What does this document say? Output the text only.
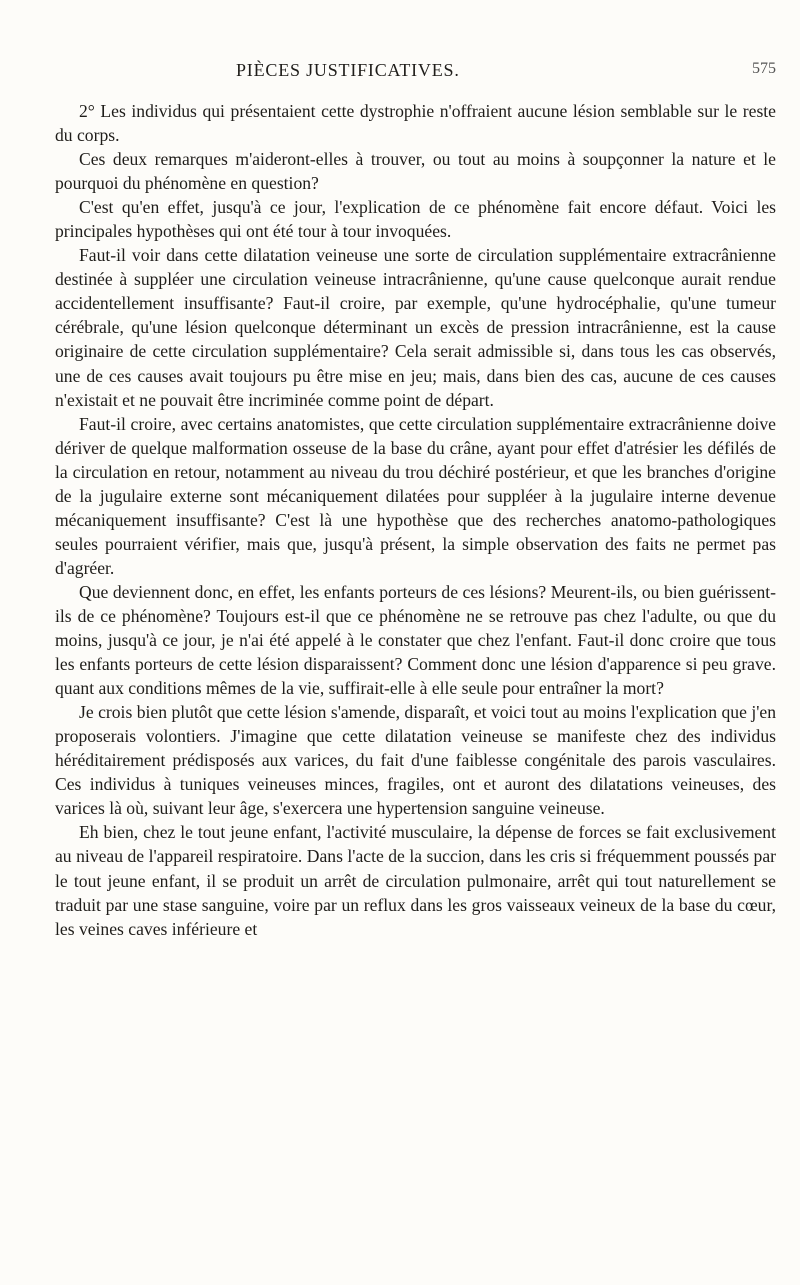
PIÈCES JUSTIFICATIVES.	575

2° Les individus qui présentaient cette dystrophie n'offraient aucune lésion semblable sur le reste du corps.

Ces deux remarques m'aideront-elles à trouver, ou tout au moins à soupçonner la nature et le pourquoi du phénomène en question?

C'est qu'en effet, jusqu'à ce jour, l'explication de ce phénomène fait encore défaut. Voici les principales hypothèses qui ont été tour à tour invoquées.

Faut-il voir dans cette dilatation veineuse une sorte de circulation supplémentaire extracrânienne destinée à suppléer une circulation veineuse intracrânienne, qu'une cause quelconque aurait rendue accidentellement insuffisante? Faut-il croire, par exemple, qu'une hydrocéphalie, qu'une tumeur cérébrale, qu'une lésion quelconque déterminant un excès de pression intracrânienne, est la cause originaire de cette circulation supplémentaire? Cela serait admissible si, dans tous les cas observés, une de ces causes avait toujours pu être mise en jeu; mais, dans bien des cas, aucune de ces causes n'existait et ne pouvait être incriminée comme point de départ.

Faut-il croire, avec certains anatomistes, que cette circulation supplémentaire extracrânienne doive dériver de quelque malformation osseuse de la base du crâne, ayant pour effet d'atrésier les défilés de la circulation en retour, notamment au niveau du trou déchiré postérieur, et que les branches d'origine de la jugulaire externe sont mécaniquement dilatées pour suppléer à la jugulaire interne devenue mécaniquement insuffisante? C'est là une hypothèse que des recherches anatomo-pathologiques seules pourraient vérifier, mais que, jusqu'à présent, la simple observation des faits ne permet pas d'agréer.

Que deviennent donc, en effet, les enfants porteurs de ces lésions? Meurent-ils, ou bien guérissent-ils de ce phénomène? Toujours est-il que ce phénomène ne se retrouve pas chez l'adulte, ou que du moins, jusqu'à ce jour, je n'ai été appelé à le constater que chez l'enfant. Faut-il donc croire que tous les enfants porteurs de cette lésion disparaissent? Comment donc une lésion d'apparence si peu grave. quant aux conditions mêmes de la vie, suffirait-elle à elle seule pour entraîner la mort?

Je crois bien plutôt que cette lésion s'amende, disparaît, et voici tout au moins l'explication que j'en proposerais volontiers. J'imagine que cette dilatation veineuse se manifeste chez des individus héréditairement prédisposés aux varices, du fait d'une faiblesse congénitale des parois vasculaires. Ces individus à tuniques veineuses minces, fragiles, ont et auront des dilatations veineuses, des varices là où, suivant leur âge, s'exercera une hypertension sanguine veineuse.

Eh bien, chez le tout jeune enfant, l'activité musculaire, la dépense de forces se fait exclusivement au niveau de l'appareil respiratoire. Dans l'acte de la succion, dans les cris si fréquemment poussés par le tout jeune enfant, il se produit un arrêt de circulation pulmonaire, arrêt qui tout naturellement se traduit par une stase sanguine, voire par un reflux dans les gros vaisseaux veineux de la base du cœur, les veines caves inférieure et
